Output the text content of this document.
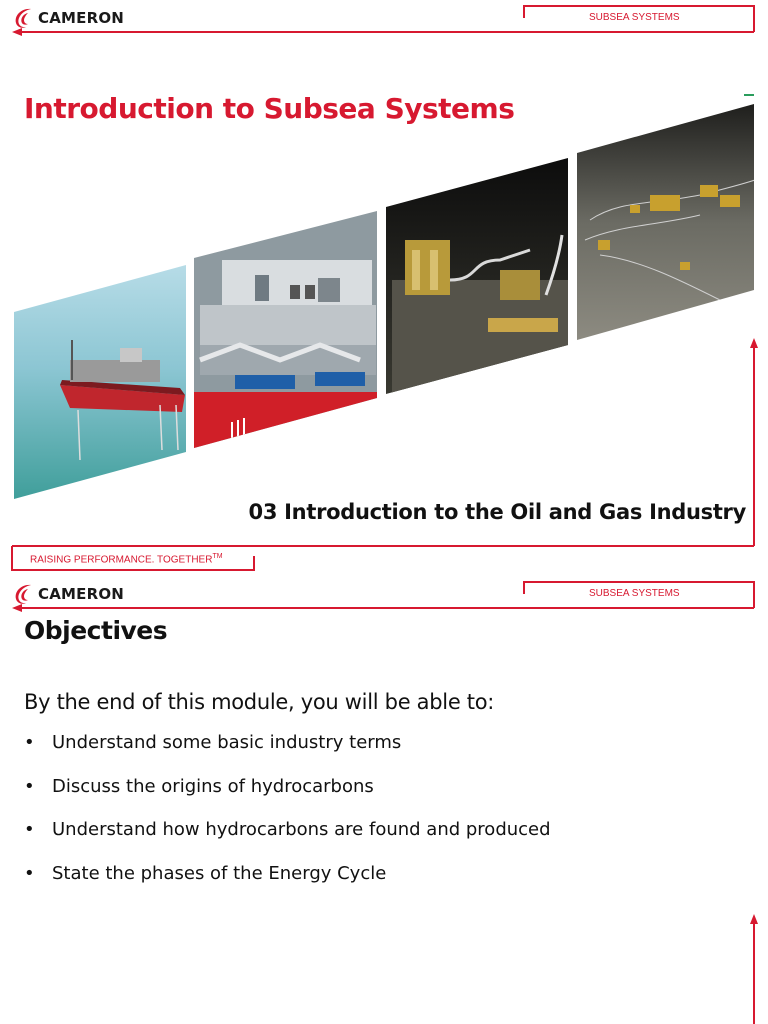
CAMERON	SUBSEA SYSTEMS
Introduction to Subsea Systems
03 Introduction to the Oil and Gas Industry
RAISING PERFORMANCE. TOGETHER™
CAMERON	SUBSEA SYSTEMS
Objectives
By the end of this module, you will be able to:
• Understand some basic industry terms
• Discuss the origins of hydrocarbons
• Understand how hydrocarbons are found and produced
• State the phases of the Energy Cycle
